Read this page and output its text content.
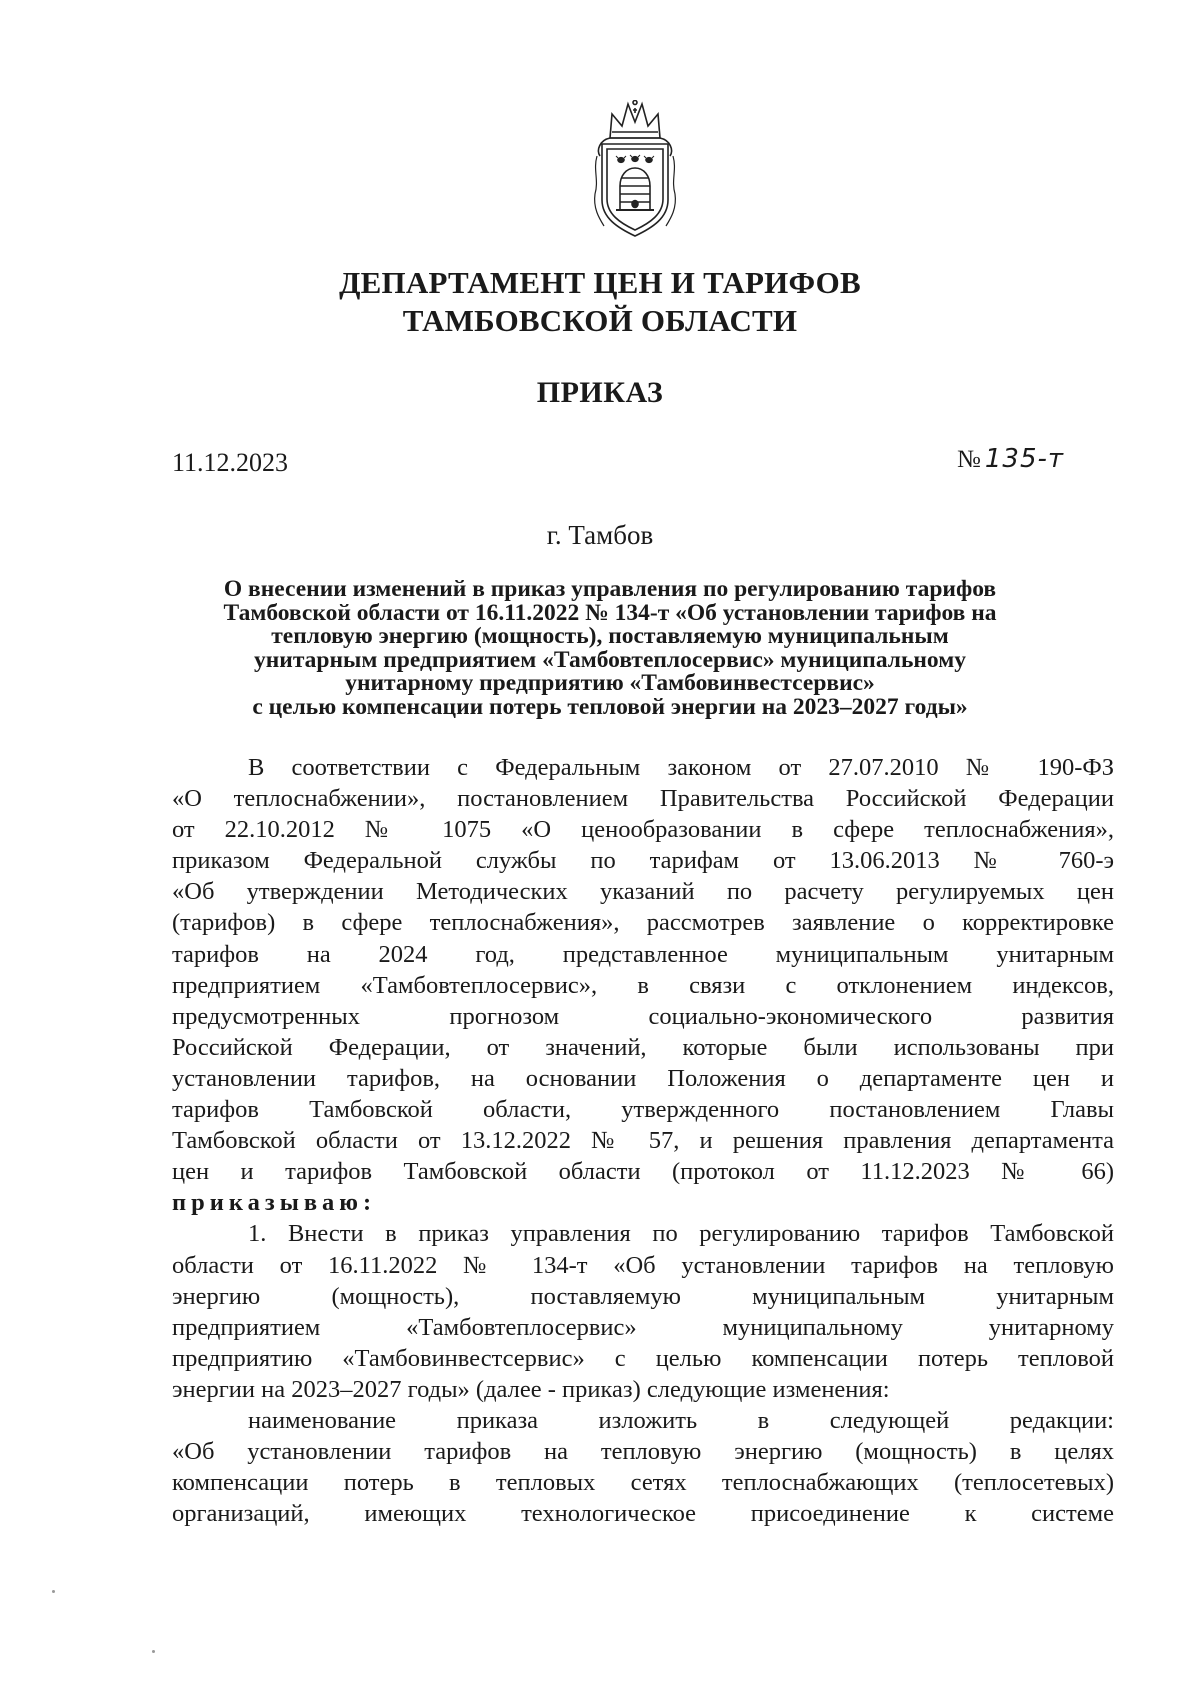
ДЕПАРТАМЕНТ ЦЕН И ТАРИФОВ
ТАМБОВСКОЙ ОБЛАСТИ
ПРИКАЗ
11.12.2023	№ 135-т
г. Тамбов
О внесении изменений в приказ управления по регулированию тарифов
Тамбовской области от 16.11.2022 № 134-т «Об установлении тарифов на
тепловую энергию (мощность), поставляемую муниципальным
унитарным предприятием «Тамбовтеплосервис» муниципальному
унитарному предприятию «Тамбовинвестсервис»
с целью компенсации потерь тепловой энергии на 2023–2027 годы»
В соответствии с Федеральным законом от 27.07.2010 № 190-ФЗ
«О теплоснабжении», постановлением Правительства Российской Федерации
от 22.10.2012 № 1075 «О ценообразовании в сфере теплоснабжения»,
приказом Федеральной службы по тарифам от 13.06.2013 № 760-э
«Об утверждении Методических указаний по расчету регулируемых цен
(тарифов) в сфере теплоснабжения», рассмотрев заявление о корректировке
тарифов на 2024 год, представленное муниципальным унитарным
предприятием «Тамбовтеплосервис», в связи с отклонением индексов,
предусмотренных прогнозом социально-экономического развития
Российской Федерации, от значений, которые были использованы при
установлении тарифов, на основании Положения о департаменте цен и
тарифов Тамбовской области, утвержденного постановлением Главы
Тамбовской области от 13.12.2022 № 57, и решения правления департамента
цен и тарифов Тамбовской области (протокол от 11.12.2023 № 66)
приказываю:
1. Внести в приказ управления по регулированию тарифов Тамбовской
области от 16.11.2022 № 134-т «Об установлении тарифов на тепловую
энергию (мощность), поставляемую муниципальным унитарным
предприятием «Тамбовтеплосервис» муниципальному унитарному
предприятию «Тамбовинвестсервис» с целью компенсации потерь тепловой
энергии на 2023–2027 годы» (далее - приказ) следующие изменения:
наименование приказа изложить в следующей редакции:
«Об установлении тарифов на тепловую энергию (мощность) в целях
компенсации потерь в тепловых сетях теплоснабжающих (теплосетевых)
организаций, имеющих технологическое присоединение к системе
